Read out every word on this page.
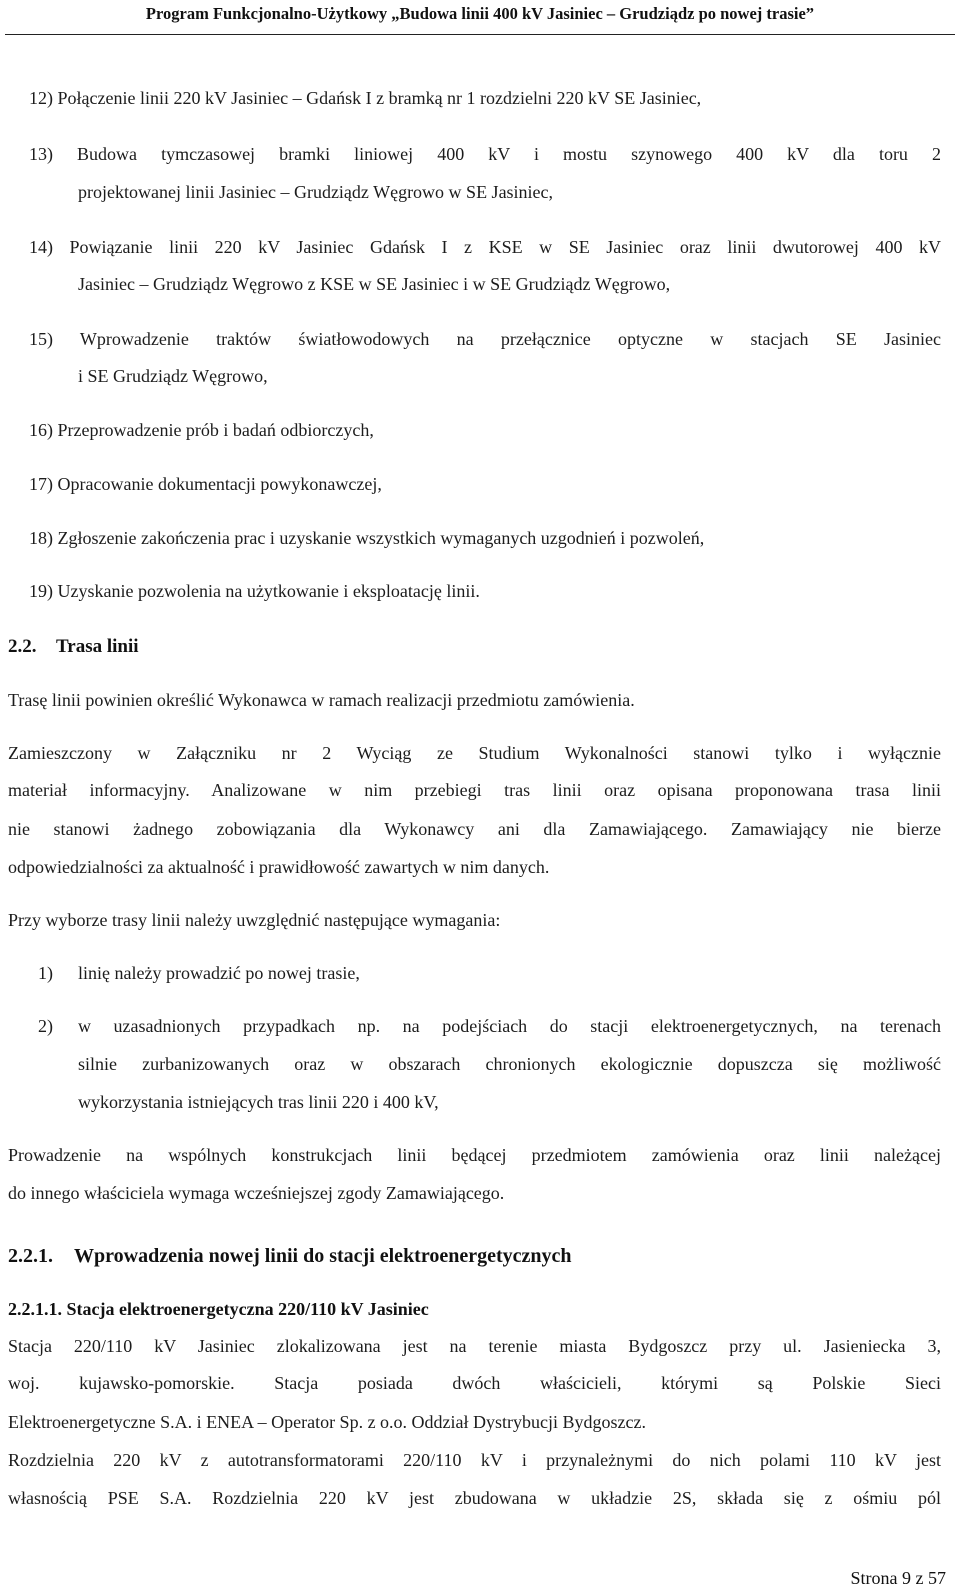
Program Funkcjonalno-Użytkowy „Budowa linii 400 kV Jasiniec – Grudziądz po nowej trasie”
12) Połączenie linii 220 kV Jasiniec – Gdańsk I z bramką nr 1 rozdzielni 220 kV SE Jasiniec,
13) Budowa tymczasowej bramki liniowej 400 kV i mostu szynowego 400 kV dla toru 2
projektowanej linii Jasiniec – Grudziądz Węgrowo w SE Jasiniec,
14) Powiązanie linii 220 kV Jasiniec Gdańsk I z KSE w SE Jasiniec oraz linii dwutorowej 400 kV
Jasiniec – Grudziądz Węgrowo z KSE w SE Jasiniec i w SE Grudziądz Węgrowo,
15) Wprowadzenie traktów światłowodowych na przełącznice optyczne w stacjach SE Jasiniec
i SE Grudziądz Węgrowo,
16) Przeprowadzenie prób i badań odbiorczych,
17) Opracowanie dokumentacji powykonawczej,
18) Zgłoszenie zakończenia prac i uzyskanie wszystkich wymaganych uzgodnień i pozwoleń,
19) Uzyskanie pozwolenia na użytkowanie i eksploatację linii.
2.2. Trasa linii
Trasę linii powinien określić Wykonawca w ramach realizacji przedmiotu zamówienia.
Zamieszczony w Załączniku nr 2 Wyciąg ze Studium Wykonalności stanowi tylko i wyłącznie
materiał informacyjny. Analizowane w nim przebiegi tras linii oraz opisana proponowana trasa linii
nie stanowi żadnego zobowiązania dla Wykonawcy ani dla Zamawiającego. Zamawiający nie bierze
odpowiedzialności za aktualność i prawidłowość zawartych w nim danych.
Przy wyborze trasy linii należy uwzględnić następujące wymagania:
1) linię należy prowadzić po nowej trasie,
2) w uzasadnionych przypadkach np. na podejściach do stacji elektroenergetycznych, na terenach
silnie zurbanizowanych oraz w obszarach chronionych ekologicznie dopuszcza się możliwość
wykorzystania istniejących tras linii 220 i 400 kV,
Prowadzenie na wspólnych konstrukcjach linii będącej przedmiotem zamówienia oraz linii należącej
do innego właściciela wymaga wcześniejszej zgody Zamawiającego.
2.2.1. Wprowadzenia nowej linii do stacji elektroenergetycznych
2.2.1.1. Stacja elektroenergetyczna 220/110 kV Jasiniec
Stacja 220/110 kV Jasiniec zlokalizowana jest na terenie miasta Bydgoszcz przy ul. Jasieniecka 3,
woj. kujawsko-pomorskie. Stacja posiada dwóch właścicieli, którymi są Polskie Sieci
Elektroenergetyczne S.A. i ENEA – Operator Sp. z o.o. Oddział Dystrybucji Bydgoszcz.
Rozdzielnia 220 kV z autotransformatorami 220/110 kV i przynależnymi do nich polami 110 kV jest
własnością PSE S.A. Rozdzielnia 220 kV jest zbudowana w układzie 2S, składa się z ośmiu pól
Strona 9 z 57
